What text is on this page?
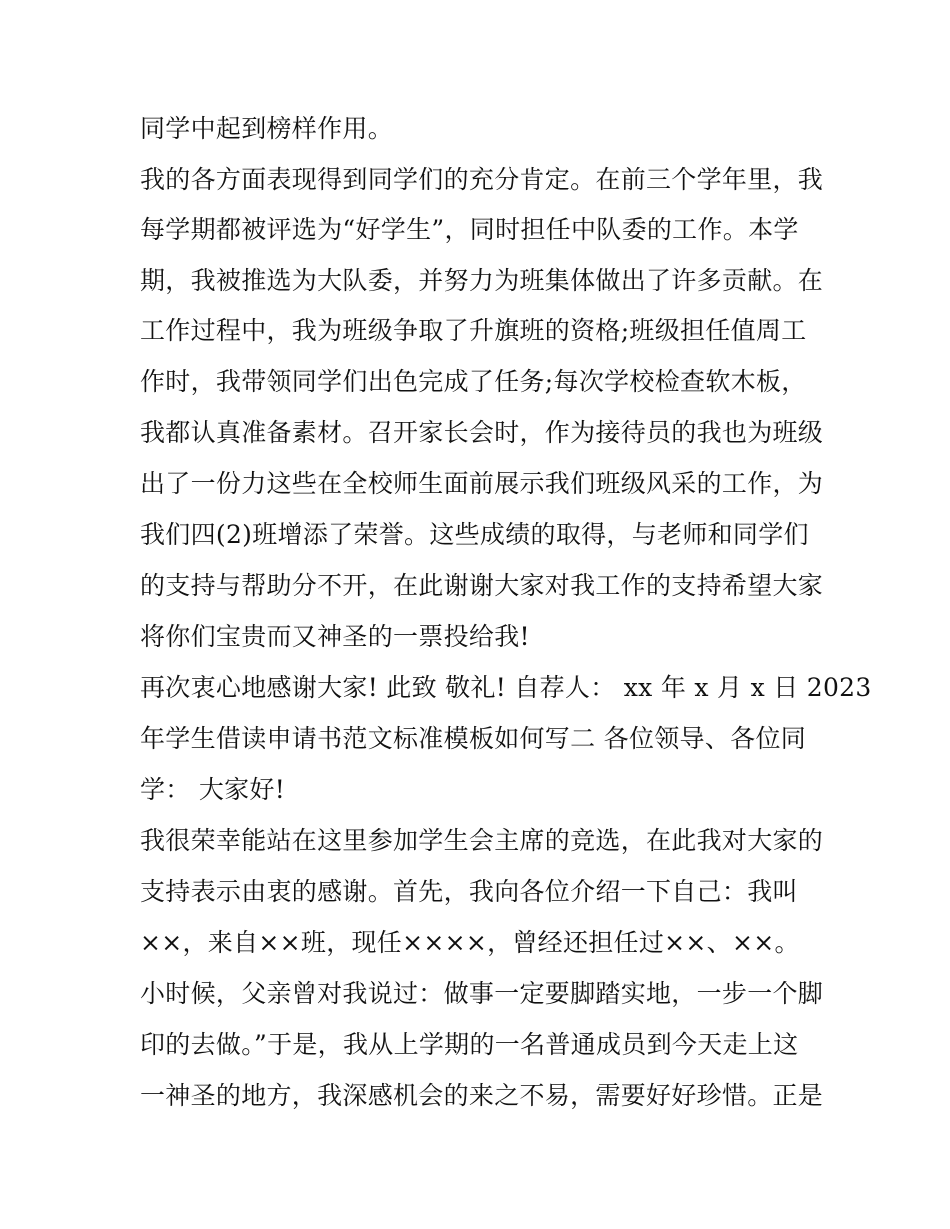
同学中起到榜样作用。
我的各方面表现得到同学们的充分肯定。在前三个学年里，我
每学期都被评选为“好学生”，同时担任中队委的工作。本学
期，我被推选为大队委，并努力为班集体做出了许多贡献。在
工作过程中，我为班级争取了升旗班的资格;班级担任值周工
作时，我带领同学们出色完成了任务;每次学校检查软木板，
我都认真准备素材。召开家长会时，作为接待员的我也为班级
出了一份力这些在全校师生面前展示我们班级风采的工作，为
我们四(2)班增添了荣誉。这些成绩的取得，与老师和同学们
的支持与帮助分不开，在此谢谢大家对我工作的支持希望大家
将你们宝贵而又神圣的一票投给我!
再次衷心地感谢大家! 此致 敬礼! 自荐人： xx 年 x 月 x 日 2023
年学生借读申请书范文标准模板如何写二 各位领导、各位同
学： 大家好!
我很荣幸能站在这里参加学生会主席的竞选，在此我对大家的
支持表示由衷的感谢。首先，我向各位介绍一下自己：我叫
××，来自××班，现任××××，曾经还担任过××、××。
小时候，父亲曾对我说过：做事一定要脚踏实地，一步一个脚
印的去做。”于是，我从上学期的一名普通成员到今天走上这
一神圣的地方，我深感机会的来之不易，需要好好珍惜。正是
